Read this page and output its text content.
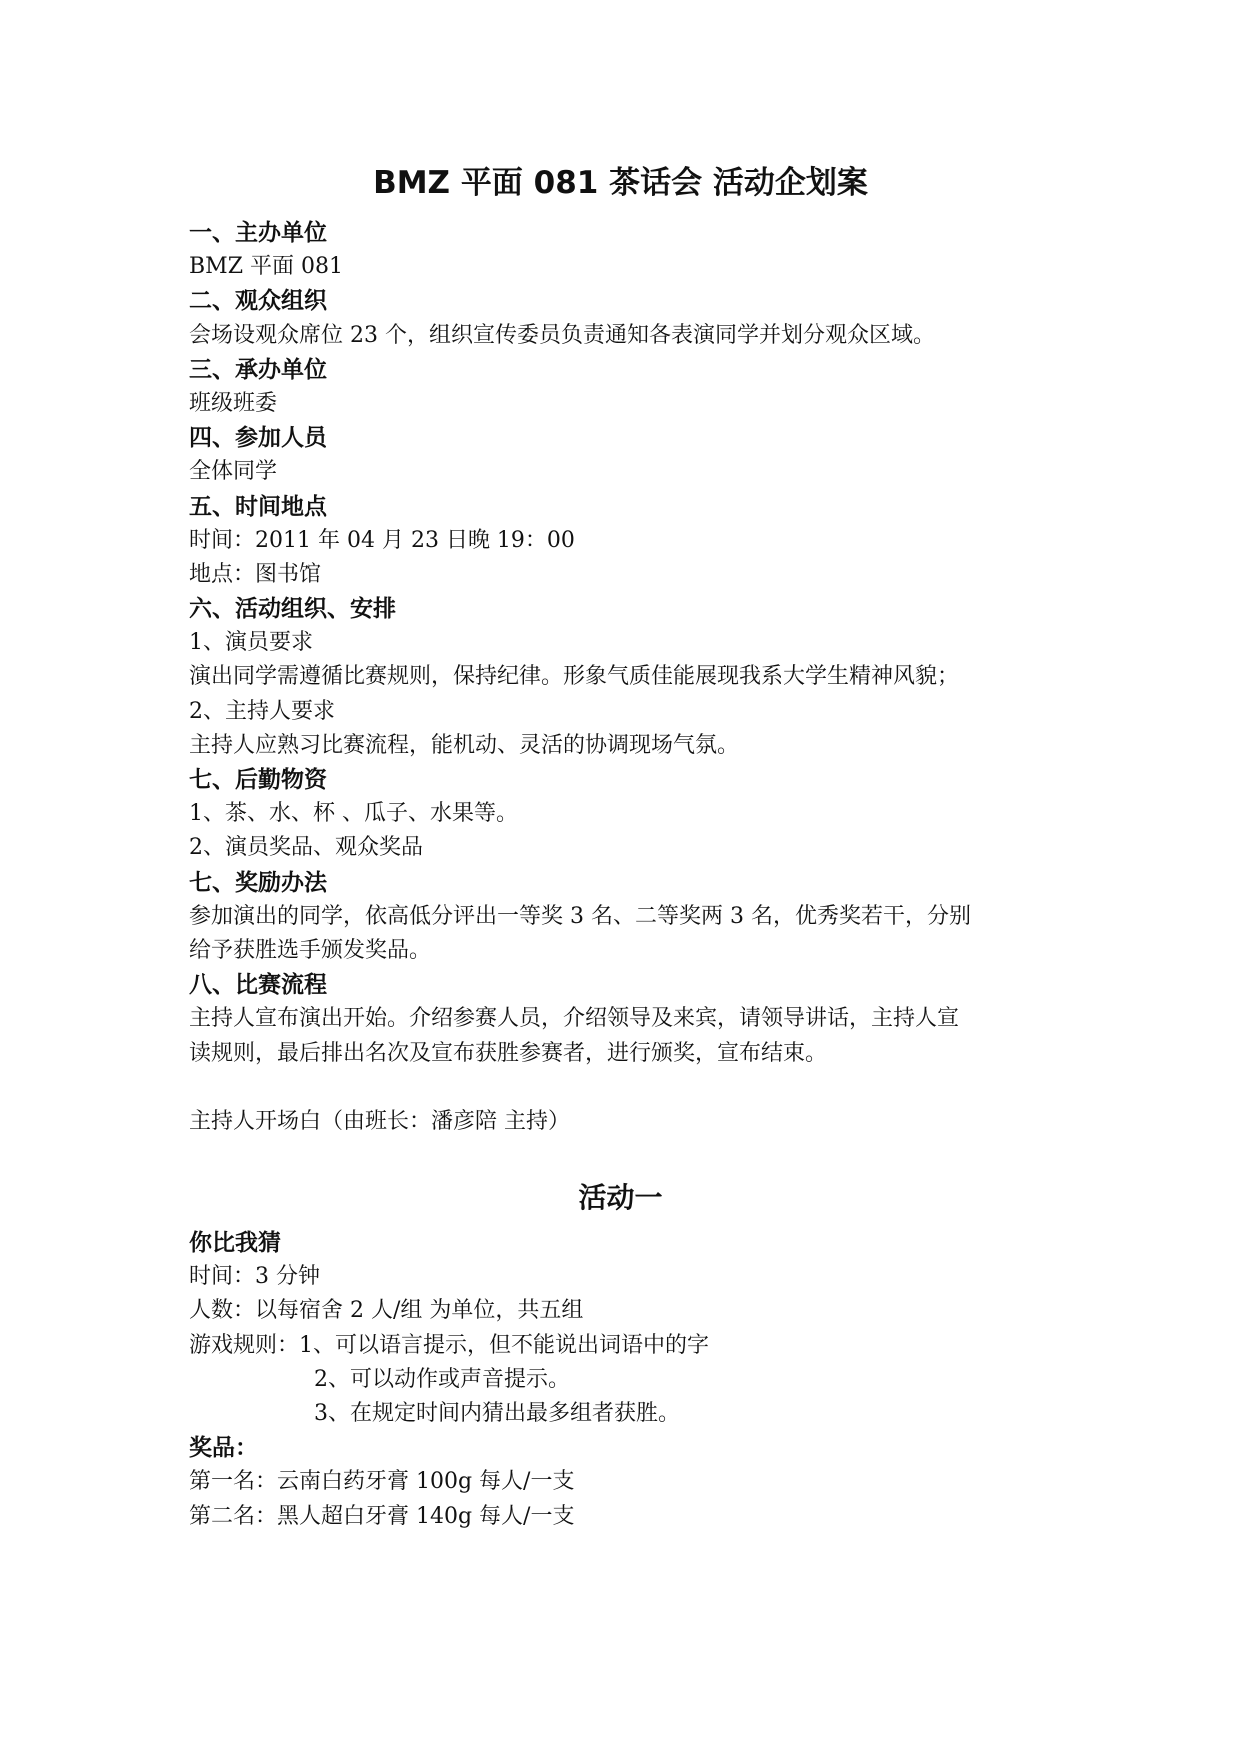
BMZ 平面 081 茶话会 活动企划案
一、主办单位
BMZ 平面 081
二、观众组织
会场设观众席位 23 个，组织宣传委员负责通知各表演同学并划分观众区域。
三、承办单位
班级班委
四、参加人员
全体同学
五、时间地点
时间：2011 年 04 月 23 日晚 19：00
地点：图书馆
六、活动组织、安排
1、演员要求
演出同学需遵循比赛规则，保持纪律。形象气质佳能展现我系大学生精神风貌；
2、主持人要求
主持人应熟习比赛流程，能机动、灵活的协调现场气氛。
七、后勤物资
1、茶、水、杯 、瓜子、水果等。
2、演员奖品、观众奖品
七、奖励办法
参加演出的同学，依高低分评出一等奖 3 名、二等奖两 3 名，优秀奖若干，分别
给予获胜选手颁发奖品。
八、比赛流程
主持人宣布演出开始。介绍参赛人员，介绍领导及来宾，请领导讲话，主持人宣
读规则，最后排出名次及宣布获胜参赛者，进行颁奖，宣布结束。
主持人开场白（由班长：潘彦陪 主持）
活动一
你比我猜
时间：3 分钟
人数：以每宿舍 2 人/组 为单位，共五组
游戏规则：1、可以语言提示，但不能说出词语中的字
2、可以动作或声音提示。
3、在规定时间内猜出最多组者获胜。
奖品：
第一名：云南白药牙膏 100g 每人/一支
第二名：黑人超白牙膏 140g 每人/一支
